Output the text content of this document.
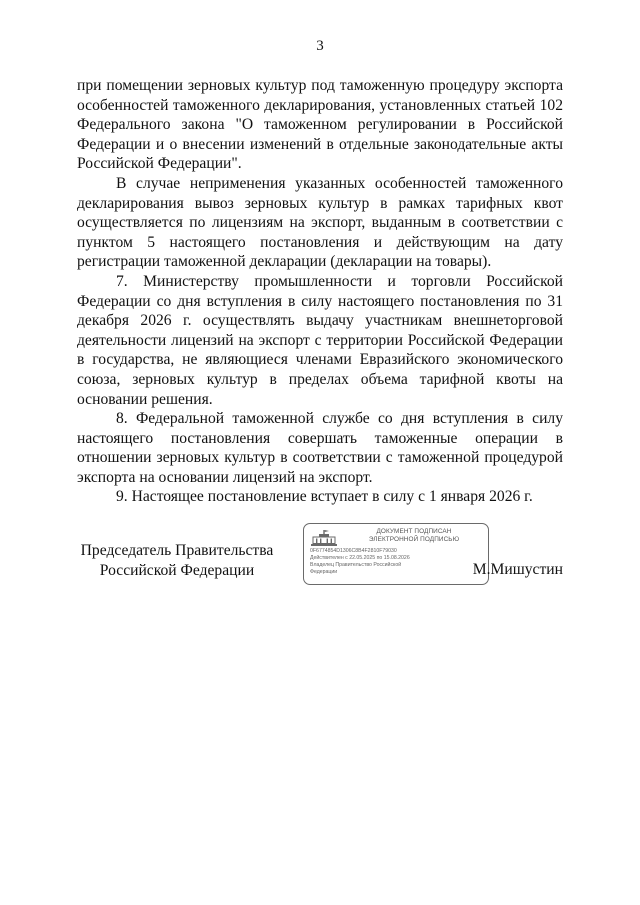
3

при помещении зерновых культур под таможенную процедуру экспорта особенностей таможенного декларирования, установленных статьей 102 Федерального закона "О таможенном регулировании в Российской Федерации и о внесении изменений в отдельные законодательные акты Российской Федерации".

В случае неприменения указанных особенностей таможенного декларирования вывоз зерновых культур в рамках тарифных квот осуществляется по лицензиям на экспорт, выданным в соответствии с пунктом 5 настоящего постановления и действующим на дату регистрации таможенной декларации (декларации на товары).

7. Министерству промышленности и торговли Российской Федерации со дня вступления в силу настоящего постановления по 31 декабря 2026 г. осуществлять выдачу участникам внешнеторговой деятельности лицензий на экспорт с территории Российской Федерации в государства, не являющиеся членами Евразийского экономического союза, зерновых культур в пределах объема тарифной квоты на основании решения.

8. Федеральной таможенной службе со дня вступления в силу настоящего постановления совершать таможенные операции в отношении зерновых культур в соответствии с таможенной процедурой экспорта на основании лицензий на экспорт.

9. Настоящее постановление вступает в силу с 1 января 2026 г.

Председатель Правительства
Российской Федерации
ДОКУМЕНТ ПОДПИСАН
ЭЛЕКТРОННОЙ ПОДПИСЬЮ
0F6774854D1306C8B4F2810F79030
Действителен с 22.05.2025 по 15.08.2026
Владелец Правительство Российской
Федерации	М.Мишустин
